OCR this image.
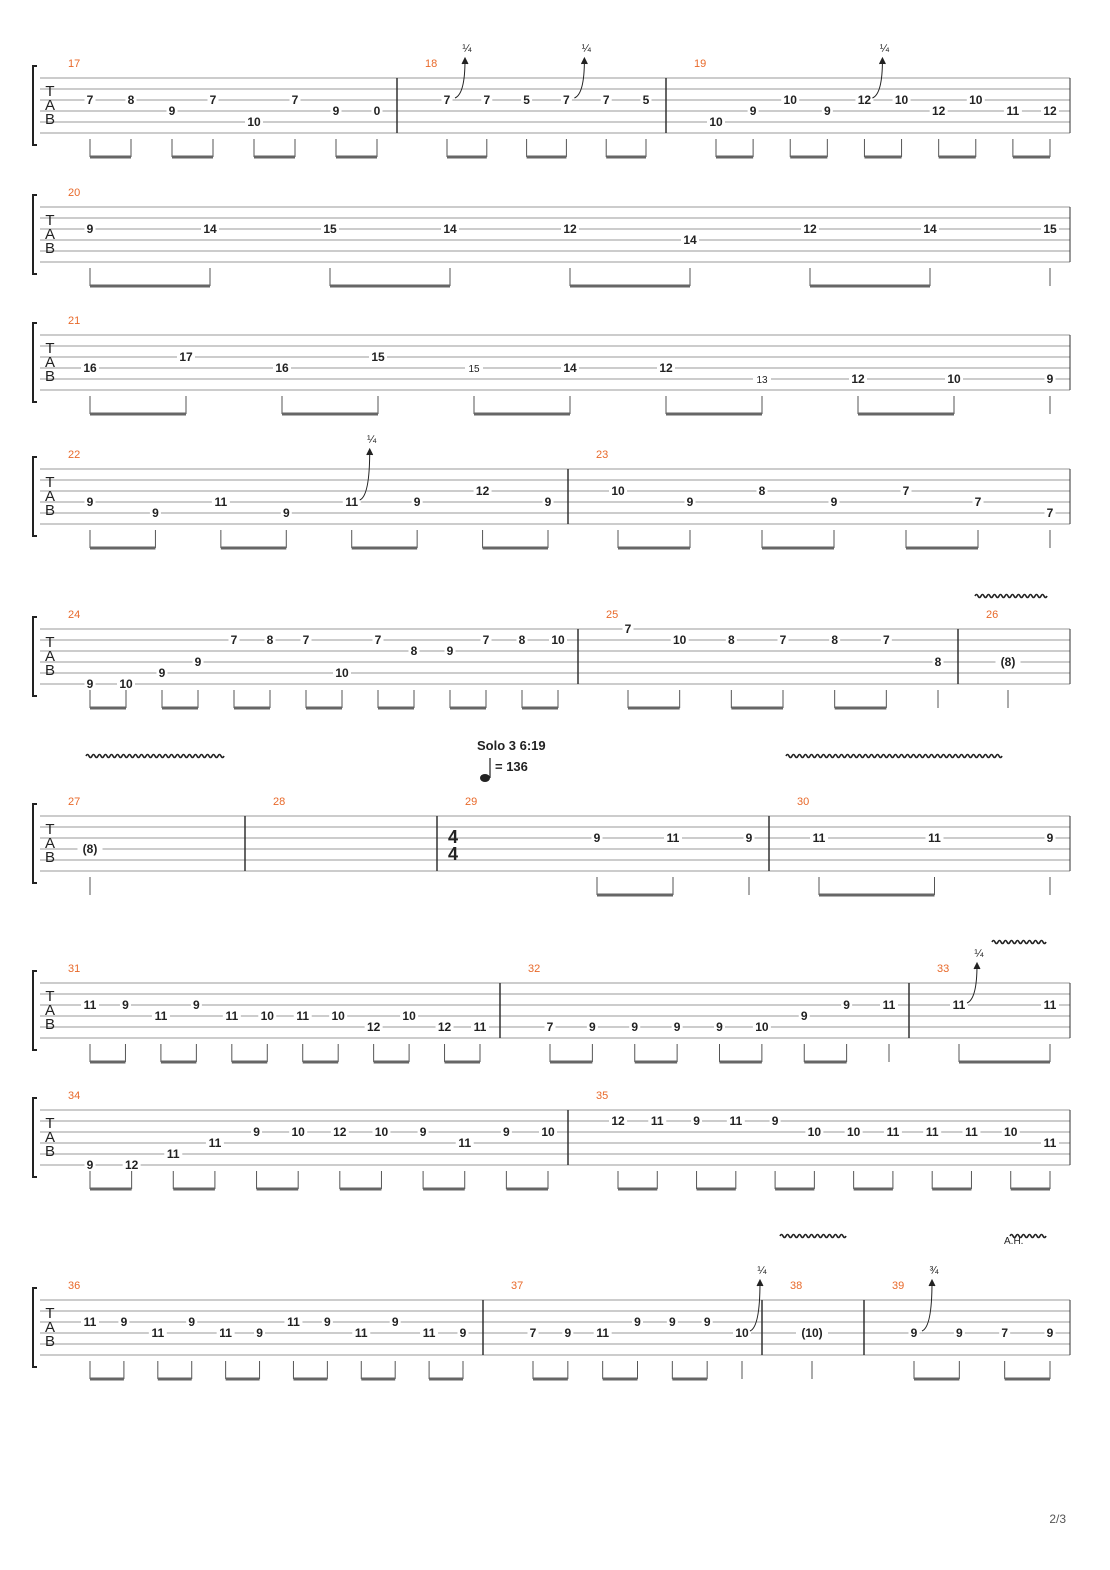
T
A
B
17
7	8
9
7
10
7
9	0
18
7
¼
7	5	7
¼
7	5
19
10
9
10
9
12
¼
10
12
10
11 12
T
A
B
20
9	14	15	14	12
14
12	14	15
T
A
B
21
16
17
16
15
15	14	12
13	12	10	9
T
A
B
22
9
9
11
9
11
¼
9
12
9
23
10
9
8
9
7
7
7
T
A
B
24
9 10
9
9
7 8 7
10
7
8 9
7 8 10
25
7
10	8	7	8	7
8
26
(8)
T
A
B
27
(8)
28	29
4
4
Solo 3 6:19
= 136
9	11	9
30
11	11	9
T
A
B
31
11 9
11
9
11 10 11 10
12
10
12 11
32
7	9	9	9	9	10
9
9	11
33
11
¼
11
T
A
B
34
9	12
11
11
9	10 12 10	9
11
9	10
35
12 11 9 11 9
10 10 11 11 11 10
11
T
A
B
36
11 9
11
9
11 9
11 9
11
9
11 9
37
7 9 11
9 9 9
10
¼
38
(10)
39
9
¾
9	7	9
A.H.
2/3
